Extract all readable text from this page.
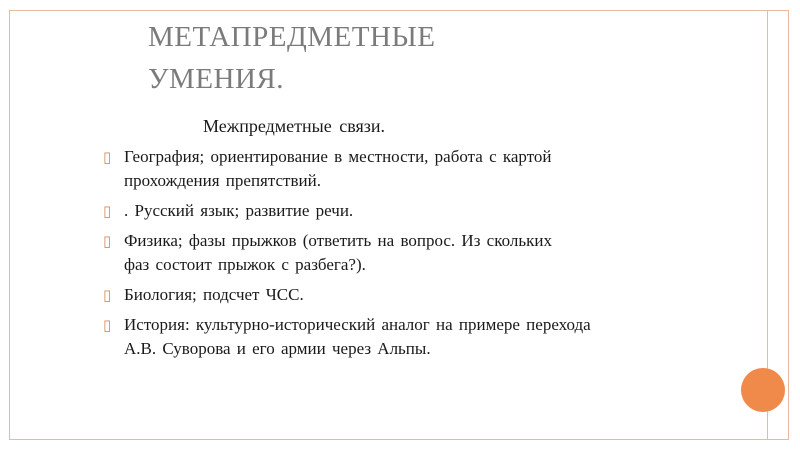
МЕТАПРЕДМЕТНЫЕ
УМЕНИЯ.
Межпредметные связи.
▯ География; ориентирование в местности, работа с картой
прохождения препятствий.
▯ . Русский язык; развитие речи.
▯ Физика; фазы прыжков (ответить на вопрос. Из скольких
фаз состоит прыжок с разбега?).
▯ Биология; подсчет ЧСС.
▯ История: культурно-исторический аналог на примере перехода
А.В. Суворова и его армии через Альпы.
